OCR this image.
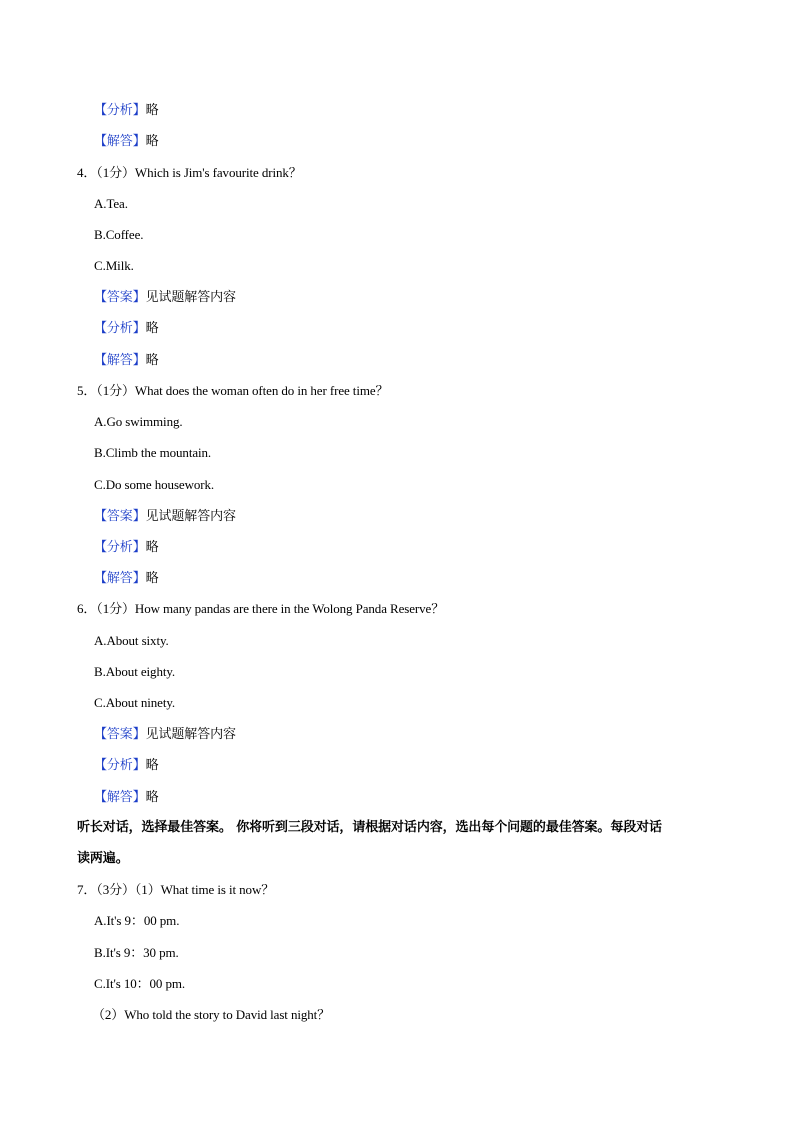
【分析】略
【解答】略
4．（1分）Which is Jim's favourite drink？
A.Tea.
B.Coffee.
C.Milk.
【答案】见试题解答内容
【分析】略
【解答】略
5．（1分）What does the woman often do in her free time？
A.Go swimming.
B.Climb the mountain.
C.Do some housework.
【答案】见试题解答内容
【分析】略
【解答】略
6．（1分）How many pandas are there in the Wolong Panda Reserve？
A.About sixty.
B.About eighty.
C.About ninety.
【答案】见试题解答内容
【分析】略
【解答】略
听长对话，选择最佳答案。 你将听到三段对话，请根据对话内容，选出每个问题的最佳答案。每段对话
读两遍。
7．（3分）（1）What time is it now？
A.It's 9：00 pm.
B.It's 9：30 pm.
C.It's 10：00 pm.
（2）Who told the story to David last night？
